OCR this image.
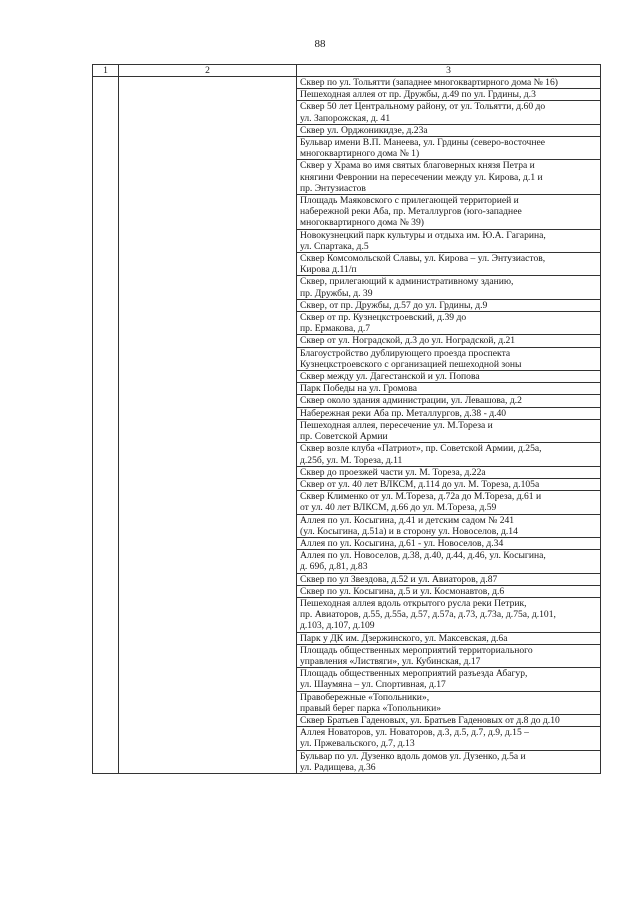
88
1	2	3

		Сквер по ул. Тольятти (западнее многоквартирного дома № 16)

		Пешеходная аллея от пр. Дружбы, д.49 по ул. Грдины, д.3

		Сквер 50 лет Центральному району, от ул. Тольятти, д.60 до
ул. Запорожская, д. 41

		Сквер ул. Орджоникидзе, д.23а

		Бульвар имени В.П. Манеева, ул. Грдины (северо-восточнее
многоквартирного дома № 1)

		Сквер у Храма во имя святых благоверных князя Петра и
княгини Февронии на пересечении между ул. Кирова, д.1 и
пр. Энтузиастов

		Площадь Маяковского с прилегающей территорией и
набережной реки Аба, пр. Металлургов (юго-западнее
многоквартирного дома № 39)

		Новокузнецкий парк культуры и отдыха им. Ю.А. Гагарина,
ул. Спартака, д.5

		Сквер Комсомольской Славы, ул. Кирова – ул. Энтузиастов,
Кирова д.11/п

		Сквер, прилегающий к административному зданию,
пр. Дружбы, д. 39

		Сквер, от пр. Дружбы, д.57 до ул. Грдины, д.9

		Сквер от пр. Кузнецкстроевский, д.39 до
пр. Ермакова, д.7

		Сквер от ул. Ноградской, д.3 до ул. Ноградской, д.21

		Благоустройство дублирующего проезда проспекта
Кузнецкстроевского с организацией пешеходной зоны

		Сквер между ул. Дагестанской и ул. Попова

		Парк Победы на ул. Громова

		Сквер около здания администрации, ул. Левашова, д.2

		Набережная реки Аба пр. Металлургов, д.38 - д.40

		Пешеходная аллея, пересечение ул. М.Тореза и
пр. Советской Армии

		Сквер возле клуба «Патриот», пр. Советской Армии, д.25а,
д.25б, ул. М. Тореза, д.11

		Сквер до проезжей части ул. М. Тореза, д.22а

		Сквер от ул. 40 лет ВЛКСМ, д.114 до ул. М. Тореза, д.105а

		Сквер Клименко от ул. М.Тореза, д.72а до М.Тореза, д.61 и
от ул. 40 лет ВЛКСМ, д.66 до ул. М.Тореза, д.59

		Аллея по ул. Косыгина, д.41 и детским садом № 241
(ул. Косыгина, д.51а) и в сторону ул. Новоселов, д.14

		Аллея по ул. Косыгина, д.61 - ул. Новоселов, д.34

		Аллея по ул. Новоселов, д.38, д.40, д.44, д.46, ул. Косыгина,
д. 69б, д.81, д.83

		Сквер по ул Звездова, д.52 и ул. Авиаторов, д.87

		Сквер по ул. Косыгина, д.5 и ул. Космонавтов, д.6

		Пешеходная аллея вдоль открытого русла реки Петрик,
пр. Авиаторов, д.55, д.55а, д.57, д.57а, д.73, д.73а, д.75а, д.101,
д.103, д.107, д.109

		Парк у ДК им. Дзержинского, ул. Максевская, д.6а

		Площадь общественных мероприятий территориального
управления «Листвяги», ул. Кубинская, д.17

		Площадь общественных мероприятий разъезда Абагур,
ул. Шаумяна – ул. Спортивная, д.17

		Правобережные «Топольники»,
правый берег парка «Топольники»

		Сквер Братьев Гаденовых, ул. Братьев Гаденовых от д.8 до д.10

		Аллея Новаторов, ул. Новаторов, д.3, д.5, д.7, д.9, д.15 –
ул. Пржевальского, д.7, д.13

		Бульвар по ул. Дузенко вдоль домов ул. Дузенко, д.5а и
ул. Радищева, д.36
